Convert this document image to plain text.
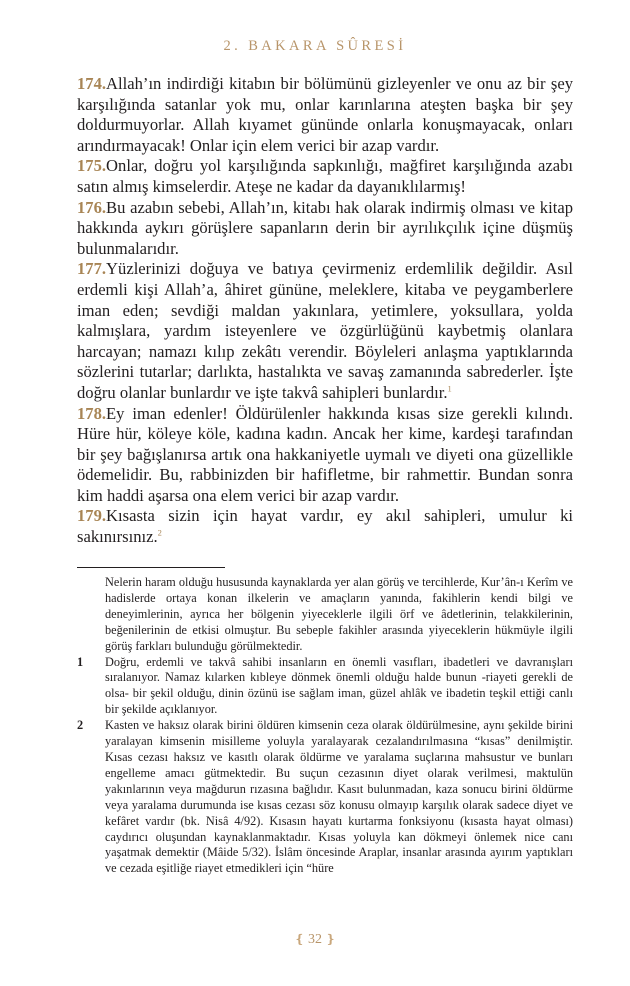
2. BAKARA SÛRESİ

174.Allah’ın indirdiği kitabın bir bölümünü gizleyenler ve onu az bir şey karşılığında satanlar yok mu, onlar karınlarına ateşten başka bir şey doldurmuyorlar. Allah kıyamet gününde onlarla konuşmayacak, onları arındırmayacak! Onlar için elem verici bir azap vardır.

175.Onlar, doğru yol karşılığında sapkınlığı, mağfiret karşılığında azabı satın almış kimselerdir. Ateşe ne kadar da dayanıklılarmış!

176.Bu azabın sebebi, Allah’ın, kitabı hak olarak indirmiş olması ve kitap hakkında aykırı görüşlere sapanların derin bir ayrılıkçılık içine düşmüş bulunmalarıdır.

177.Yüzlerinizi doğuya ve batıya çevirmeniz erdemlilik değildir. Asıl erdemli kişi Allah’a, âhiret gününe, meleklere, kitaba ve peygamberlere iman eden; sevdiği maldan yakınlara, yetimlere, yoksullara, yolda kalmışlara, yardım isteyenlere ve özgürlüğünü kaybetmiş olanlara harcayan; namazı kılıp zekâtı verendir. Böyleleri anlaşma yaptıklarında sözlerini tutarlar; darlıkta, hastalıkta ve savaş zamanında sabrederler. İşte doğru olanlar bunlardır ve işte takvâ sahipleri bunlardır.$^1$

178.Ey iman edenler! Öldürülenler hakkında kısas size gerekli kılındı. Hüre hür, köleye köle, kadına kadın. Ancak her kime, kardeşi tarafından bir şey bağışlanırsa artık ona hakkaniyetle uymalı ve diyeti ona güzellikle ödemelidir. Bu, rabbinizden bir hafifletme, bir rahmettir. Bundan sonra kim haddi aşarsa ona elem verici bir azap vardır.

179.Kısasta sizin için hayat vardır, ey akıl sahipleri, umulur ki sakınırsınız.$^2$

Nelerin haram olduğu hususunda kaynaklarda yer alan görüş ve tercihlerde, Kur’ân-ı Kerîm ve hadislerde ortaya konan ilkelerin ve amaçların yanında, fakihlerin kendi bilgi ve deneyimlerinin, ayrıca her bölgenin yiyeceklerle ilgili örf ve âdetlerinin, telakkilerinin, beğenilerinin de etkisi olmuştur. Bu sebeple fakihler arasında yiyeceklerin hükmüyle ilgili görüş farkları bulunduğu görülmektedir.

1 Doğru, erdemli ve takvâ sahibi insanların en önemli vasıfları, ibadetleri ve davranışları sıralanıyor. Namaz kılarken kıbleye dönmek önemli olduğu halde bunun -riayeti gerekli de olsa- bir şekil olduğu, dinin özünü ise sağlam iman, güzel ahlâk ve ibadetin teşkil ettiği canlı bir şekilde açıklanıyor.

2 Kasten ve haksız olarak birini öldüren kimsenin ceza olarak öldürülmesine, aynı şekilde birini yaralayan kimsenin misilleme yoluyla yaralayarak cezalandırılmasına “kısas” denilmiştir. Kısas cezası haksız ve kasıtlı olarak öldürme ve yaralama suçlarına mahsustur ve bunları engelleme amacı gütmektedir. Bu suçun cezasının diyet olarak verilmesi, maktulün yakınlarının veya mağdurun rızasına bağlıdır. Kasıt bulunmadan, kaza sonucu birini öldürme veya yaralama durumunda ise kısas cezası söz konusu olmayıp karşılık olarak sadece diyet ve kefâret vardır (bk. Nisâ 4/92). Kısasın hayatı kurtarma fonksiyonu (kısasta hayat olması) caydırıcı oluşundan kaynaklanmaktadır. Kısas yoluyla kan dökmeyi önlemek nice canı yaşatmak demektir (Mâide 5/32). İslâm öncesinde Araplar, insanlar arasında ayırım yaptıkları ve cezada eşitliğe riayet etmedikleri için “hüre

❴ 32 ❵
